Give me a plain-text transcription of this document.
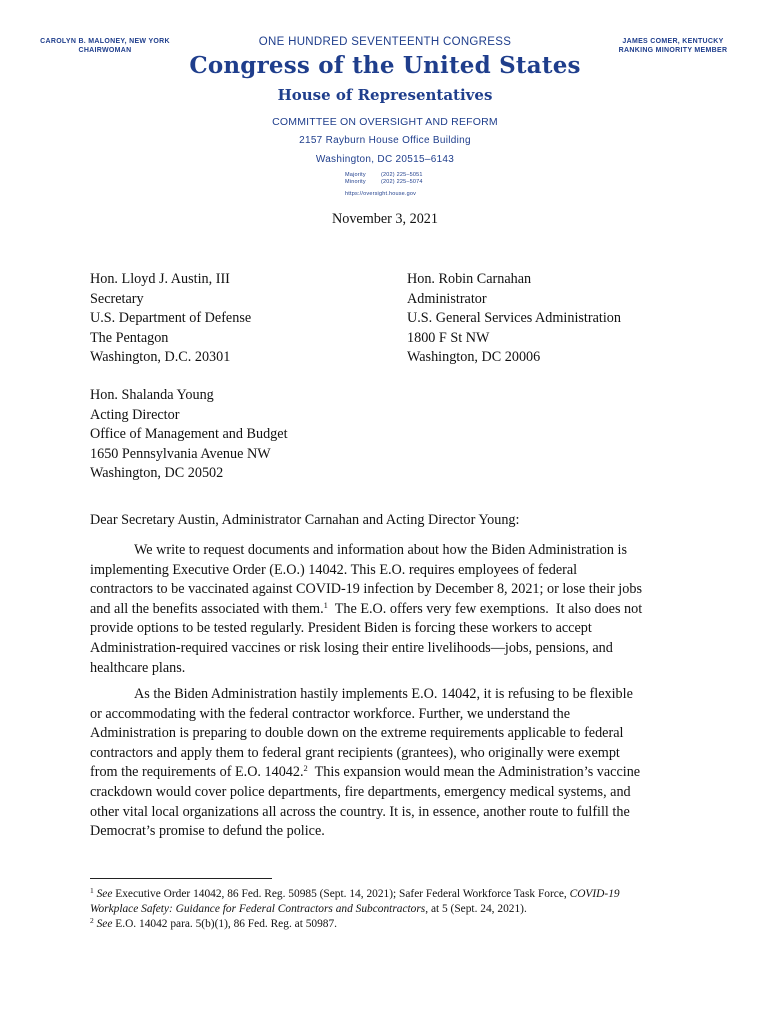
CAROLYN B. MALONEY, NEW YORK
CHAIRWOMAN
JAMES COMER, KENTUCKY
RANKING MINORITY MEMBER
ONE HUNDRED SEVENTEENTH CONGRESS
Congress of the United States
House of Representatives
COMMITTEE ON OVERSIGHT AND REFORM
2157 Rayburn House Office Building
Washington, DC 20515–6143
Majority	(202) 225–5051
Minority	(202) 225–5074
https://oversight.house.gov
November 3, 2021
Hon. Lloyd J. Austin, III
Secretary
U.S. Department of Defense
The Pentagon
Washington, D.C. 20301
Hon. Robin Carnahan
Administrator
U.S. General Services Administration
1800 F St NW
Washington, DC 20006
Hon. Shalanda Young
Acting Director
Office of Management and Budget
1650 Pennsylvania Avenue NW
Washington, DC 20502
Dear Secretary Austin, Administrator Carnahan and Acting Director Young:
We write to request documents and information about how the Biden Administration is
implementing Executive Order (E.O.) 14042. This E.O. requires employees of federal
contractors to be vaccinated against COVID-19 infection by December 8, 2021; or lose their jobs
and all the benefits associated with them.$^1$  The E.O. offers very few exemptions.  It also does not
provide options to be tested regularly. President Biden is forcing these workers to accept
Administration-required vaccines or risk losing their entire livelihoods—jobs, pensions, and
healthcare plans.
As the Biden Administration hastily implements E.O. 14042, it is refusing to be flexible
or accommodating with the federal contractor workforce. Further, we understand the
Administration is preparing to double down on the extreme requirements applicable to federal
contractors and apply them to federal grant recipients (grantees), who originally were exempt
from the requirements of E.O. 14042.$^2$  This expansion would mean the Administration’s vaccine
crackdown would cover police departments, fire departments, emergency medical systems, and
other vital local organizations all across the country. It is, in essence, another route to fulfill the
Democrat’s promise to defund the police.
$^1$ See Executive Order 14042, 86 Fed. Reg. 50985 (Sept. 14, 2021); Safer Federal Workforce Task Force, COVID-19
Workplace Safety: Guidance for Federal Contractors and Subcontractors, at 5 (Sept. 24, 2021).
$^2$ See E.O. 14042 para. 5(b)(1), 86 Fed. Reg. at 50987.
